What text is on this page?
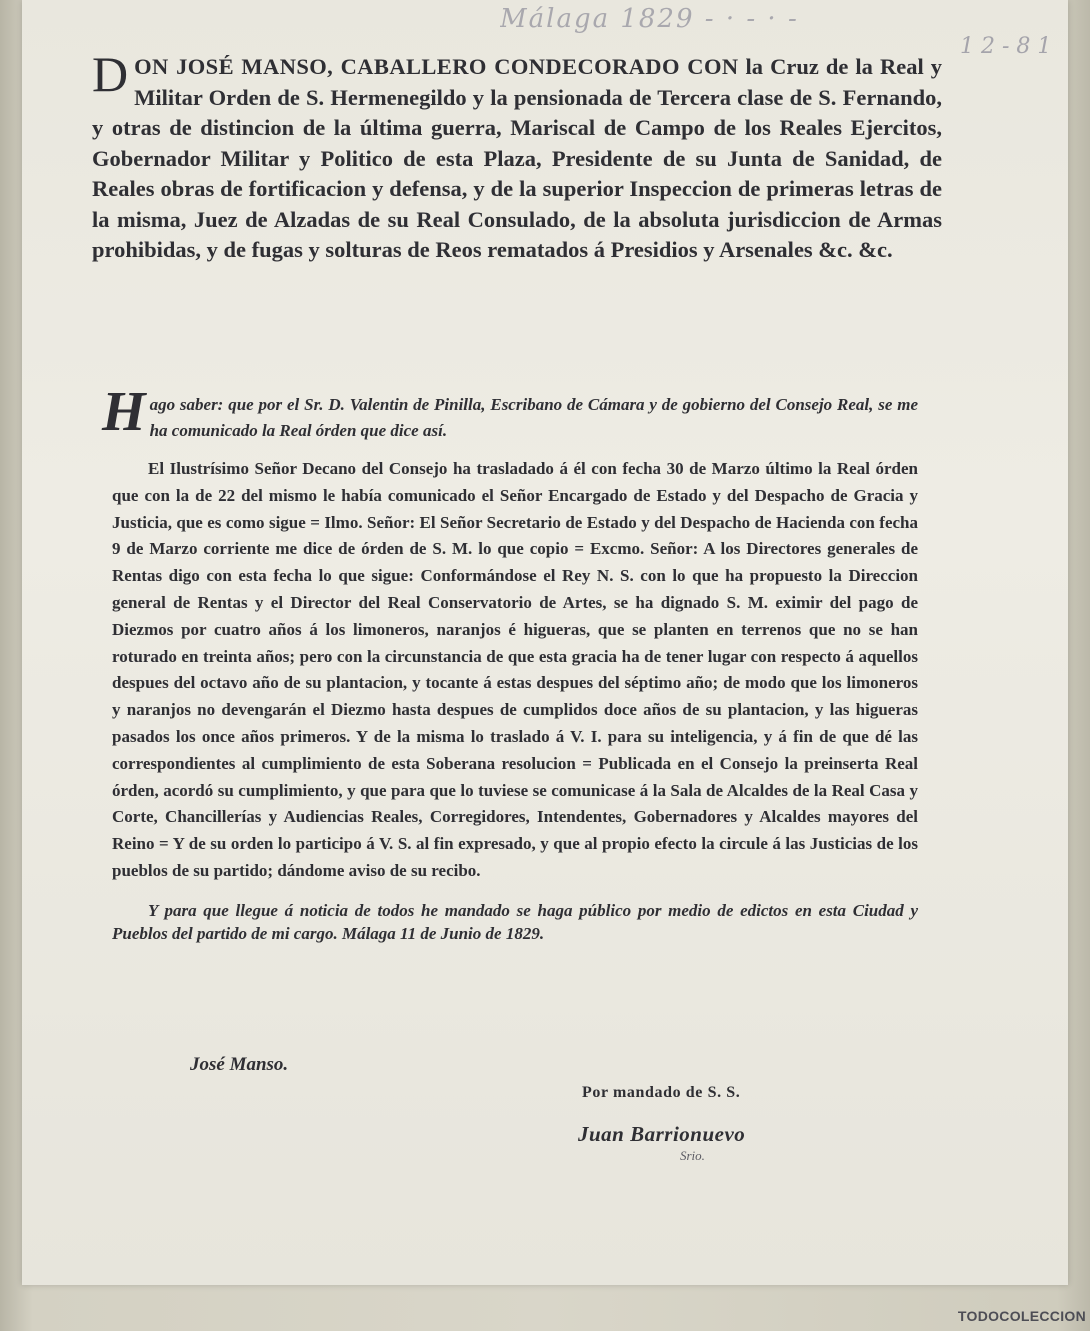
Málaga 1829 - · - · -
1 2 - 8 1
D ON JOSÉ MANSO, CABALLERO CONDECORADO CON la Cruz de la Real y Militar Orden de S. Hermenegildo y la pensionada de Tercera clase de S. Fernando, y otras de distincion de la última guerra, Mariscal de Campo de los Reales Ejercitos, Gobernador Militar y Politico de esta Plaza, Presidente de su Junta de Sanidad, de Reales obras de fortificacion y defensa, y de la superior Inspeccion de primeras letras de la misma, Juez de Alzadas de su Real Consulado, de la absoluta jurisdiccion de Armas prohibidas, y de fugas y solturas de Reos rematados á Presidios y Arsenales &c. &c.
H ago saber: que por el Sr. D. Valentin de Pinilla, Escribano de Cámara y de gobierno del Consejo Real, se me ha comunicado la Real órden que dice así.
El Ilustrísimo Señor Decano del Consejo ha trasladado á él con fecha 30 de Marzo último la Real órden que con la de 22 del mismo le había comunicado el Señor Encargado de Estado y del Despacho de Gracia y Justicia, que es como sigue = Ilmo. Señor: El Señor Secretario de Estado y del Despacho de Hacienda con fecha 9 de Marzo corriente me dice de órden de S. M. lo que copio = Excmo. Señor: A los Directores generales de Rentas digo con esta fecha lo que sigue: Conformándose el Rey N. S. con lo que ha propuesto la Direccion general de Rentas y el Director del Real Conservatorio de Artes, se ha dignado S. M. eximir del pago de Diezmos por cuatro años á los limoneros, naranjos é higueras, que se planten en terrenos que no se han roturado en treinta años; pero con la circunstancia de que esta gracia ha de tener lugar con respecto á aquellos despues del octavo año de su plantacion, y tocante á estas despues del séptimo año; de modo que los limoneros y naranjos no devengarán el Diezmo hasta despues de cumplidos doce años de su plantacion, y las higueras pasados los once años primeros. Y de la misma lo traslado á V. I. para su inteligencia, y á fin de que dé las correspondientes al cumplimiento de esta Soberana resolucion = Publicada en el Consejo la preinserta Real órden, acordó su cumplimiento, y que para que lo tuviese se comunicase á la Sala de Alcaldes de la Real Casa y Corte, Chancillerías y Audiencias Reales, Corregidores, Intendentes, Gobernadores y Alcaldes mayores del Reino = Y de su orden lo participo á V. S. al fin expresado, y que al propio efecto la circule á las Justicias de los pueblos de su partido; dándome aviso de su recibo.
Y para que llegue á noticia de todos he mandado se haga público por medio de edictos en esta Ciudad y Pueblos del partido de mi cargo. Málaga 11 de Junio de 1829.
José Manso.
Por mandado de S. S.
Juan Barrionuevo
Srio.
TODOCOLECCION
